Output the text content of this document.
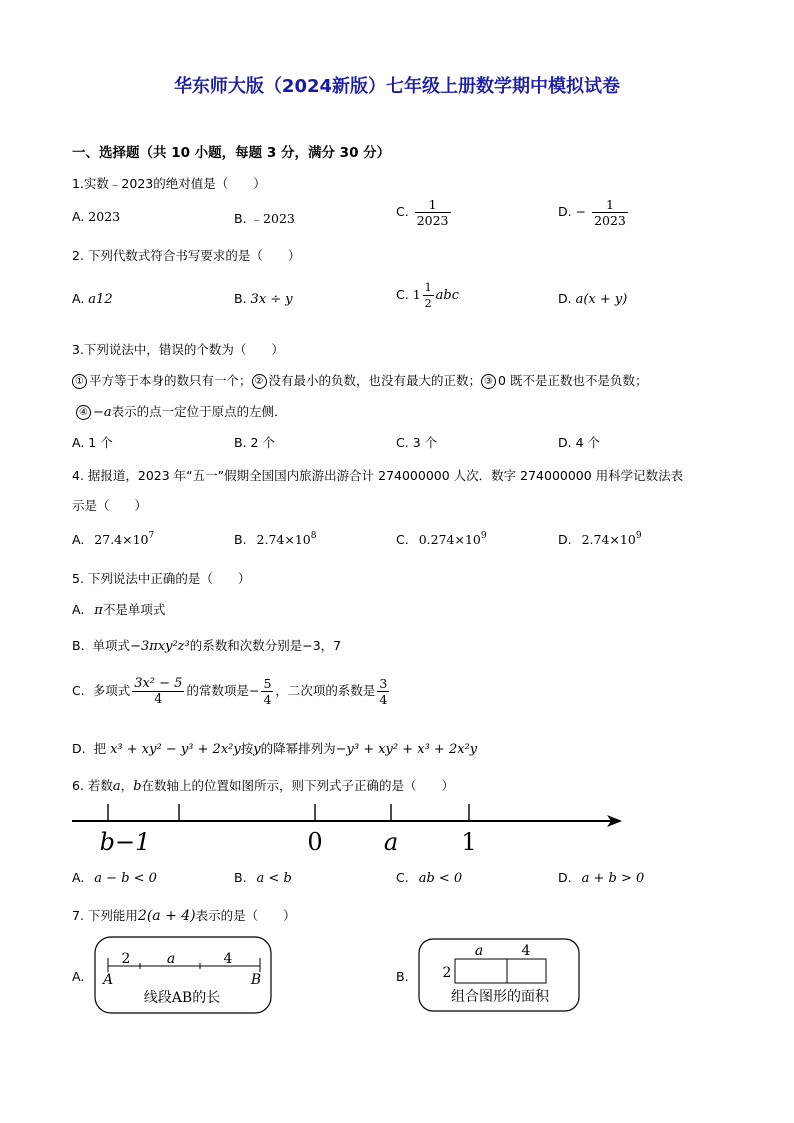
华东师大版（2024新版）七年级上册数学期中模拟试卷
一、选择题（共 10 小题，每题 3 分，满分 30 分）
1.实数﹣2023的绝对值是（　　）
A. 2023	B. ﹣2023	C. $\frac{1}{2023}$	D. − $\frac{1}{2023}$
2. 下列代数式符合书写要求的是（　　）
A. a12	B. 3x ÷ y	C. $1 \frac{1}{2}$ abc	D. a(x + y)
3.下列说法中，错误的个数为（　　）
① 平方等于本身的数只有一个； ② 没有最小的负数，也没有最大的正数； ③ 0 既不是正数也不是负数；
④ −a表示的点一定位于原点的左侧．
A. 1 个	B. 2 个	C. 3 个	D. 4 个
4. 据报道，2023 年“五一”假期全国国内旅游出游合计 274000000 人次．数字 274000000 用科学记数法表
示是（　　）
A. $27.4\times 10^7$	B. $2.74\times 10^8$	C. $0.274\times 10^9$	D. $2.74\times 10^9$
5. 下列说法中正确的是（　　）
A. π不是单项式
B. 单项式−3πxy²z³的系数和次数分别是−3，7
C. 多项式 $\frac{\text{3x² − 5}}{4}$ 的常数项是− $\frac{5}{4}$ ，二次项的系数是 $\frac{3}{4}$
D. 把 x³ + xy² − y³ + 2x²y按y的降幂排列为−y³ + xy² + x³ + 2x²y
6. 若数a，b在数轴上的位置如图所示，则下列式子正确的是（　　）
b−1	0	a	1
A. a − b < 0	B. a < b	C. ab < 0	D. a + b > 0
7. 下列能用2(a + 4)表示的是（　　）
A.
2	a	4
A	B
线段AB的长
B.
a	4
2
组合图形的面积
